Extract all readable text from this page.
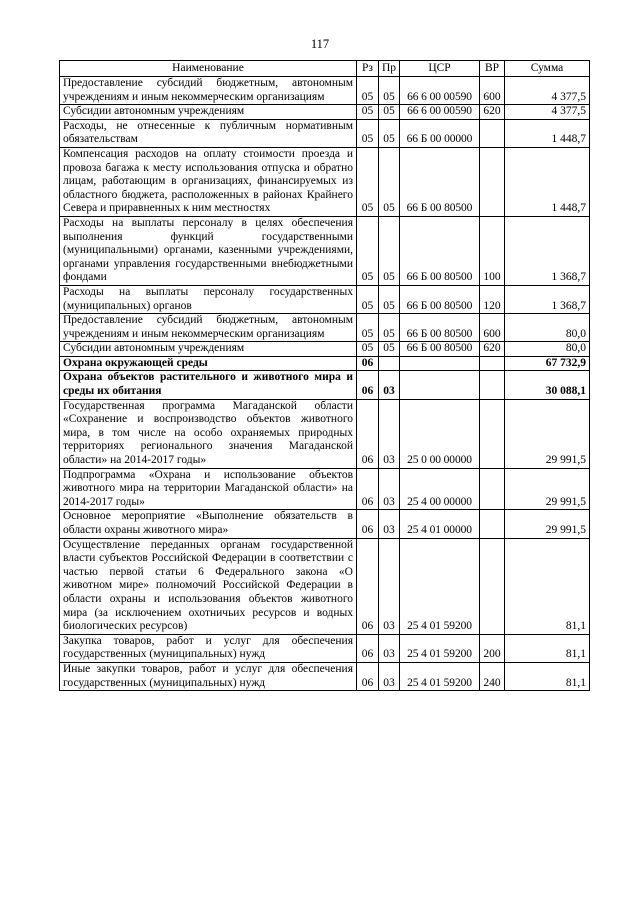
117
Наименование	Рз	Пр	ЦСР	ВР	Сумма
Предоставление субсидий бюджетным, автономным учреждениям и иным некоммерческим организациям	05	05	66 6 00 00590	600	4 377,5
Субсидии автономным учреждениям	05	05	66 6 00 00590	620	4 377,5
Расходы, не отнесенные к публичным нормативным обязательствам	05	05	66 Б 00 00000		1 448,7
Компенсация расходов на оплату стоимости проезда и провоза багажа к месту использования отпуска и обратно лицам, работающим в организациях, финансируемых из областного бюджета, расположенных в районах Крайнего Севера и приравненных к ним местностях	05	05	66 Б 00 80500		1 448,7
Расходы на выплаты персоналу в целях обеспечения выполнения функций государственными (муниципальными) органами, казенными учреждениями, органами управления государственными внебюджетными фондами	05	05	66 Б 00 80500	100	1 368,7
Расходы на выплаты персоналу государственных (муниципальных) органов	05	05	66 Б 00 80500	120	1 368,7
Предоставление субсидий бюджетным, автономным учреждениям и иным некоммерческим организациям	05	05	66 Б 00 80500	600	80,0
Субсидии автономным учреждениям	05	05	66 Б 00 80500	620	80,0
Охрана окружающей среды	06				67 732,9
Охрана объектов растительного и животного мира и среды их обитания	06	03			30 088,1
Государственная программа Магаданской области «Сохранение и воспроизводство объектов животного мира, в том числе на особо охраняемых природных территориях регионального значения Магаданской области» на 2014-2017 годы»	06	03	25 0 00 00000		29 991,5
Подпрограмма «Охрана и использование объектов животного мира на территории Магаданской области» на 2014-2017 годы»	06	03	25 4 00 00000		29 991,5
Основное мероприятие «Выполнение обязательств в области охраны животного мира»	06	03	25 4 01 00000		29 991,5
Осуществление переданных органам государственной власти субъектов Российской Федерации в соответствии с частью первой статьи 6 Федерального закона «О животном мире» полномочий Российской Федерации в области охраны и использования объектов животного мира (за исключением охотничьих ресурсов и водных биологических ресурсов)	06	03	25 4 01 59200		81,1
Закупка товаров, работ и услуг для обеспечения государственных (муниципальных) нужд	06	03	25 4 01 59200	200	81,1
Иные закупки товаров, работ и услуг для обеспечения государственных (муниципальных) нужд	06	03	25 4 01 59200	240	81,1
